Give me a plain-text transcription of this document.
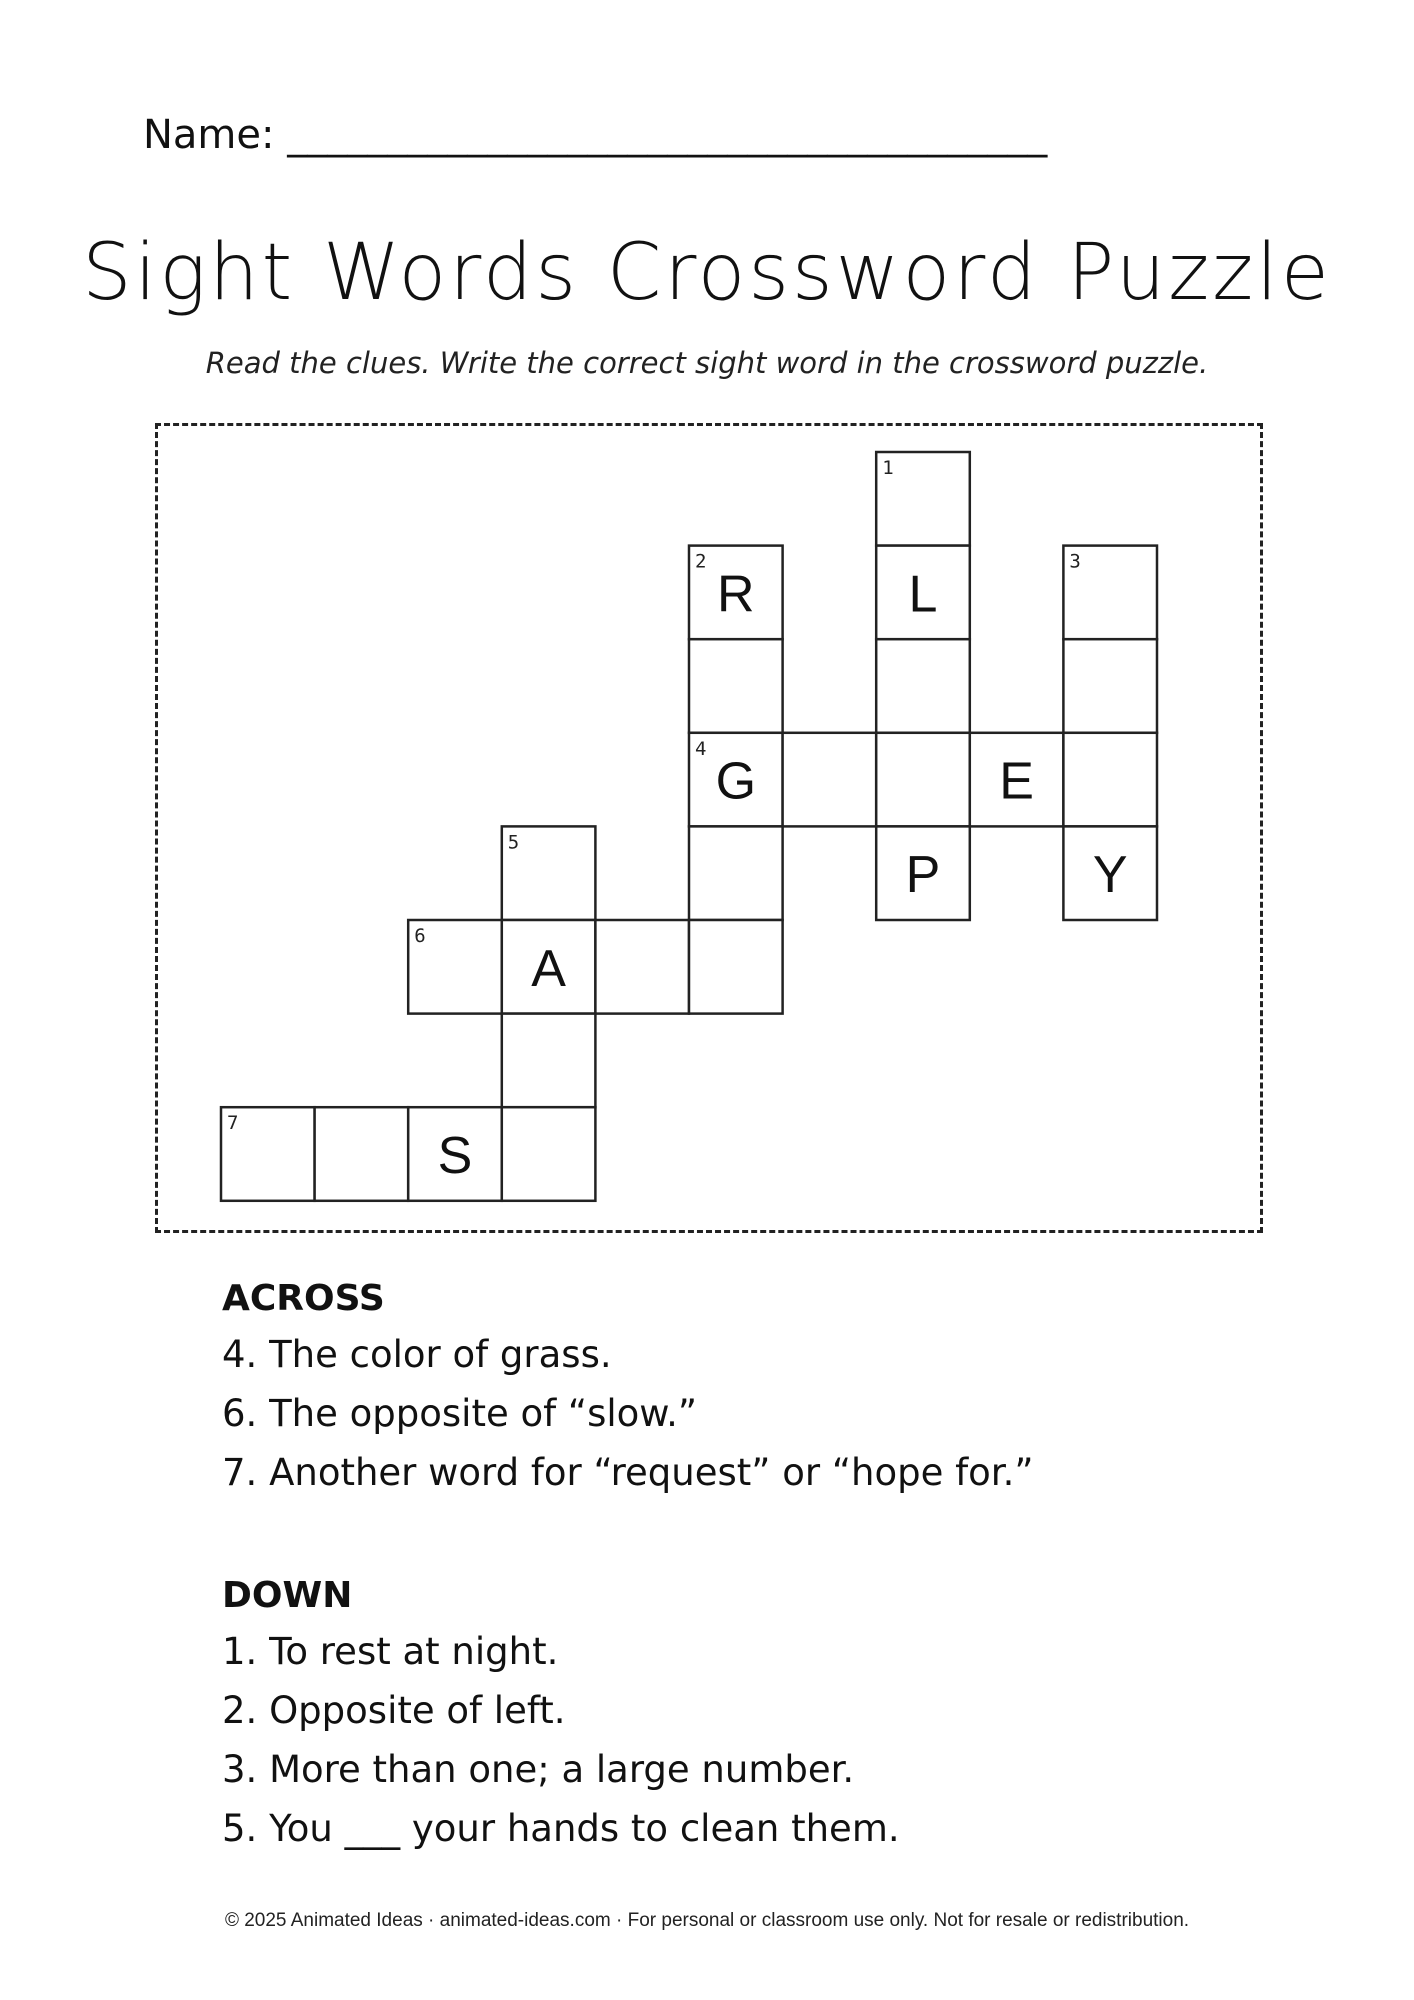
Name: ______________________________________
Sight Words Crossword Puzzle
Read the clues. Write the correct sight word in the crossword puzzle.
1
2
R	L
3
4
G	E
5
P	Y
6
A
7
S
ACROSS
4. The color of grass.
6. The opposite of “slow.”
7. Another word for “request” or “hope for.”
DOWN
1. To rest at night.
2. Opposite of left.
3. More than one; a large number.
5. You ___ your hands to clean them.
© 2025 Animated Ideas · animated-ideas.com · For personal or classroom use only. Not for resale or redistribution.
